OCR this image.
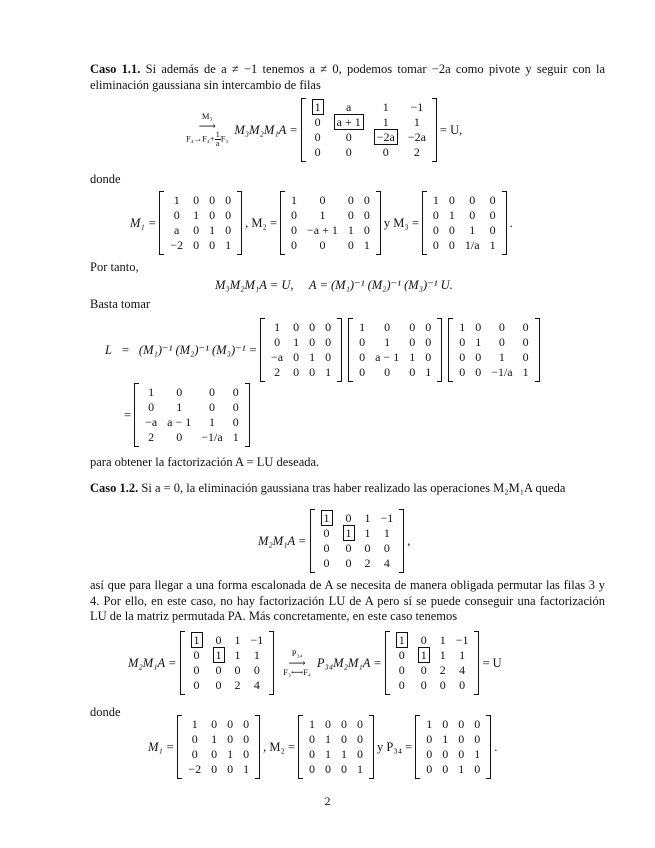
Caso 1.1. Si además de a ≠ −1 tenemos a ≠ 0, podemos tomar −2a como pivote y seguir con la eliminación gaussiana sin intercambio de filas

M₃
⟶
$F_4\to F_4+ \frac{1}{a} F_3$
M₃M₂M₁A =
1	a	1	−1
0	a + 1	1	1
0	0	−2a	−2a
0	0	0	2
= U,

donde

M₁ =
1	0	0	0
0	1	0	0
a	0	1	0
−2	0	0	1
, M₂ =
1	0	0	0
0	1	0	0
0	−a + 1	1	0
0	0	0	1
y M₃ =
1	0	0	0
0	1	0	0
0	0	1	0
0	0	1/a	1
.

Por tanto,

M₃M₂M₁A = U,     A = (M₁)⁻¹ (M₂)⁻¹ (M₃)⁻¹ U.

Basta tomar

L   =   (M₁)⁻¹ (M₂)⁻¹ (M₃)⁻¹ =
1	0	0	0
0	1	0	0
−a	0	1	0
2	0	0	1
1	0	0	0
0	1	0	0
0	a − 1	1	0
0	0	0	1
1	0	0	0
0	1	0	0
0	0	1	0
0	0	−1/a	1
=
1	0	0	0
0	1	0	0
−a	a − 1	1	0
2	0	−1/a	1

para obtener la factorización A = LU deseada.

Caso 1.2. Si a = 0, la eliminación gaussiana tras haber realizado las operaciones M₂M₁A queda

M₂M₁A =
1	0	1	−1
0	1	1	1
0	0	0	0
0	0	2	4
,

así que para llegar a una forma escalonada de A se necesita de manera obligada permutar las filas 3 y 4. Por ello, en este caso, no hay factorización LU de A pero sí se puede conseguir una factorización LU de la matriz permutada PA. Más concretamente, en este caso tenemos

M₂M₁A =
1	0	1	−1
0	1	1	1
0	0	0	0
0	0	2	4
P₃₄
⟶
F₃⟷F₄
P₃₄M₂M₁A =
1	0	1	−1
0	1	1	1
0	0	2	4
0	0	0	0
= U

donde

M₁ =
1	0	0	0
0	1	0	0
0	0	1	0
−2	0	0	1
, M₂ =
1	0	0	0
0	1	0	0
0	1	1	0
0	0	0	1
y P₃₄ =
1	0	0	0
0	1	0	0
0	0	0	1
0	0	1	0
.
2
